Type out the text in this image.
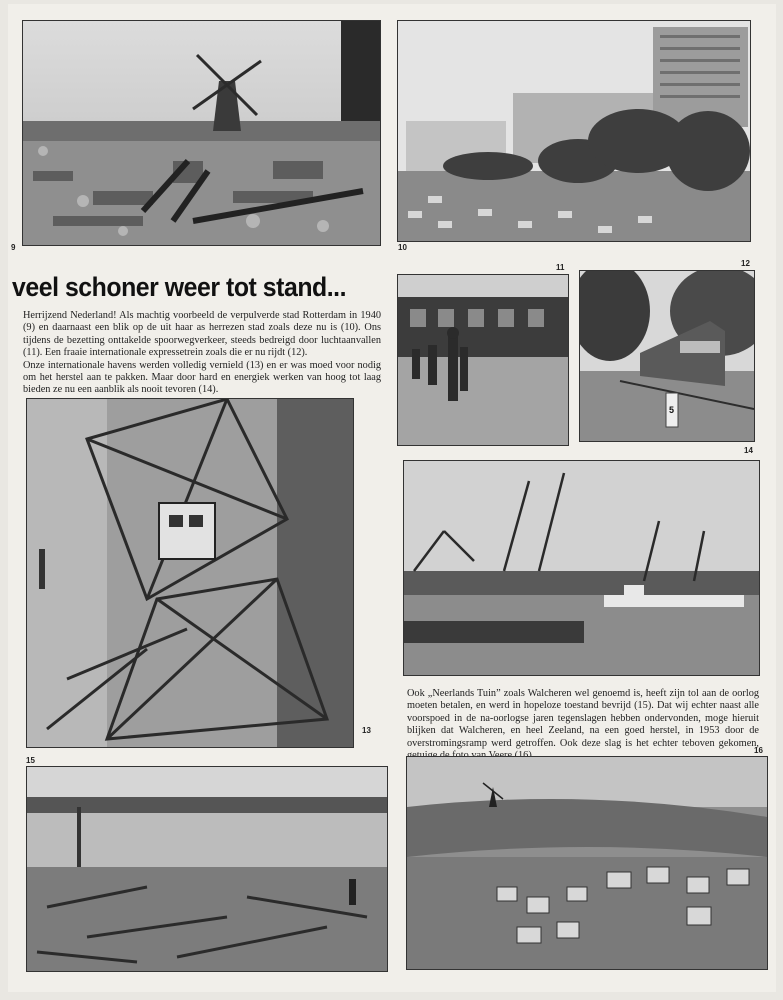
9	10
veel schoner weer tot stand...

Herrijzend Nederland! Als machtig voorbeeld de verpulverde stad Rotterdam in 1940 (9) en daarnaast een blik op de uit haar as herrezen stad zoals deze nu is (10). Ons tijdens de bezetting onttakelde spoorwegverkeer, steeds bedreigd door luchtaanvallen (11). Een fraaie internationale expressetrein zoals die er nu rijdt (12).

Onze internationale havens werden volledig vernield (13) en er was moed voor nodig om het herstel aan te pakken. Maar door hard en energiek werken van hoog tot laag bieden ze nu een aanblik als nooit tevoren (14).

11	12
5
13
14
Ook „Neerlands Tuin” zoals Walcheren wel genoemd is, heeft zijn tol aan de oorlog moeten betalen, en werd in hopeloze toestand bevrijd (15). Dat wij echter naast alle voorspoed in de na-oorlogse jaren tegenslagen hebben ondervonden, moge hieruit blijken dat Walcheren, en heel Zeeland, na een goed herstel, in 1953 door de overstromingsramp werd getroffen. Ook deze slag is het echter teboven gekomen,
15
16
